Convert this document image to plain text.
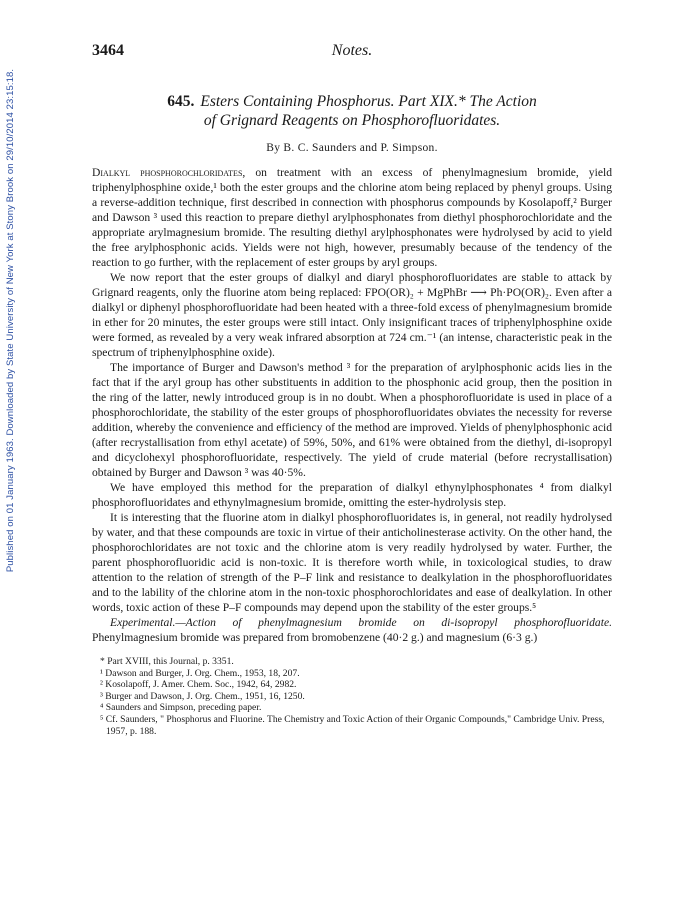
Published on 01 January 1963. Downloaded by State University of New York at Stony Brook on 29/10/2014 23:15:18.
3464	Notes.
645. Esters Containing Phosphorus. Part XIX.* The Action
of Grignard Reagents on Phosphorofluoridates.
By B. C. Saunders and P. Simpson.

Dialkyl phosphorochloridates, on treatment with an excess of phenylmagnesium bromide, yield triphenylphosphine oxide,¹ both the ester groups and the chlorine atom being replaced by phenyl groups. Using a reverse-addition technique, first described in connection with phosphorus compounds by Kosolapoff,² Burger and Dawson ³ used this reaction to prepare diethyl arylphosphonates from diethyl phosphorochloridate and the appropriate arylmagnesium bromide. The resulting diethyl arylphosphonates were hydrolysed by acid to yield the free arylphosphonic acids. Yields were not high, however, presumably because of the tendency of the reaction to go further, with the replacement of ester groups by aryl groups.

We now report that the ester groups of dialkyl and diaryl phosphorofluoridates are stable to attack by Grignard reagents, only the fluorine atom being replaced: FPO(OR)₂ + MgPhBr ⟶ Ph·PO(OR)₂. Even after a dialkyl or diphenyl phosphorofluoridate had been heated with a three-fold excess of phenylmagnesium bromide in ether for 20 minutes, the ester groups were still intact. Only insignificant traces of triphenylphosphine oxide were formed, as revealed by a very weak infrared absorption at 724 cm.⁻¹ (an intense, characteristic peak in the spectrum of triphenylphosphine oxide).

The importance of Burger and Dawson's method ³ for the preparation of arylphosphonic acids lies in the fact that if the aryl group has other substituents in addition to the phosphonic acid group, then the position in the ring of the latter, newly introduced group is in no doubt. When a phosphorofluoridate is used in place of a phosphorochloridate, the stability of the ester groups of phosphorofluoridates obviates the necessity for reverse addition, whereby the convenience and efficiency of the method are improved. Yields of phenylphosphonic acid (after recrystallisation from ethyl acetate) of 59%, 50%, and 61% were obtained from the diethyl, di-isopropyl and dicyclohexyl phosphorofluoridate, respectively. The yield of crude material (before recrystallisation) obtained by Burger and Dawson ³ was 40·5%.

We have employed this method for the preparation of dialkyl ethynylphosphonates ⁴ from dialkyl phosphorofluoridates and ethynylmagnesium bromide, omitting the ester-hydrolysis step.

It is interesting that the fluorine atom in dialkyl phosphorofluoridates is, in general, not readily hydrolysed by water, and that these compounds are toxic in virtue of their anticholinesterase activity. On the other hand, the phosphorochloridates are not toxic and the chlorine atom is very readily hydrolysed by water. Further, the parent phosphorofluoridic acid is non-toxic. It is therefore worth while, in toxicological studies, to draw attention to the relation of strength of the P–F link and resistance to dealkylation in the phosphorofluoridates and to the lability of the chlorine atom in the non-toxic phosphorochloridates and ease of dealkylation. In other words, toxic action of these P–F compounds may depend upon the stability of the ester groups.⁵

Experimental.—Action of phenylmagnesium bromide on di-isopropyl phosphorofluoridate. Phenylmagnesium bromide was prepared from bromobenzene (40·2 g.) and magnesium (6·3 g.)

* Part XVIII, this Journal, p. 3351.
¹ Dawson and Burger, J. Org. Chem., 1953, 18, 207.
² Kosolapoff, J. Amer. Chem. Soc., 1942, 64, 2982.
³ Burger and Dawson, J. Org. Chem., 1951, 16, 1250.
⁴ Saunders and Simpson, preceding paper.
⁵ Cf. Saunders, " Phosphorus and Fluorine. The Chemistry and Toxic Action of their Organic Compounds," Cambridge Univ. Press, 1957, p. 188.
